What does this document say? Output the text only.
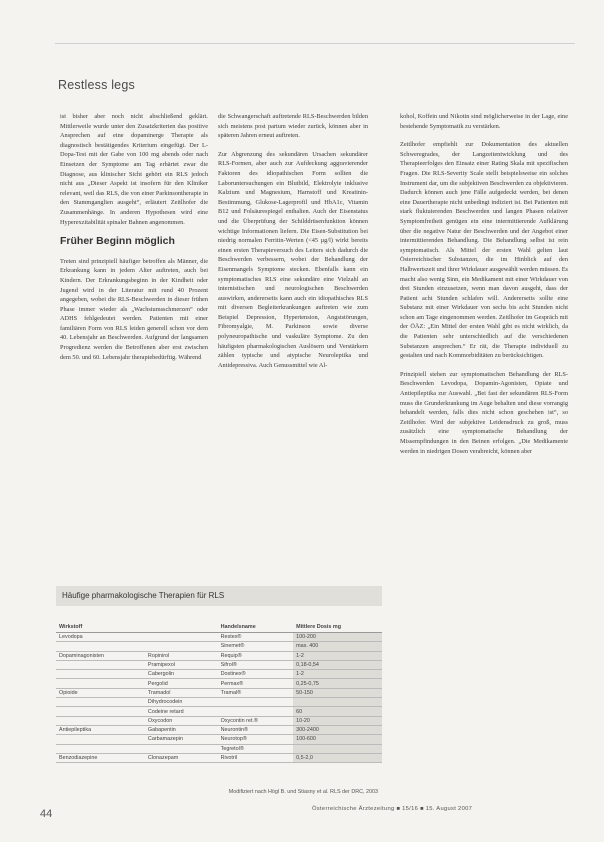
Restless legs

ist bisher aber noch nicht abschließend geklärt. Mittlerweile wurde unter den Zusatzkriterien das positive Ansprechen auf eine dopaminerge Therapie als diagnostisch bestätigendes Kriterium eingefügt. Der L-Dopa-Test mit der Gabe von 100 mg abends oder nach Einsetzen der Symptome am Tag erhärtet zwar die Diagnose, aus klinischer Sicht gehört ein RLS jedoch nicht aus „Dieser Aspekt ist insofern für den Kliniker relevant, weil das RLS, die von einer Parkinsontherapie in den Stammganglien ausgeht“, erläutert Zeitlhofer die Zusammenhänge. In anderen Hypothesen wird eine Hyperexzitabilität spinaler Bahnen angenommen.

Früher Beginn möglich

Treten sind prinzipiell häufiger betroffen als Männer, die Erkrankung kann in jedem Alter auftreten, auch bei Kindern. Der Erkrankungsbeginn in der Kindheit oder Jugend wird in der Literatur mit rund 40 Prozent angegeben, wobei die RLS-Beschwerden in dieser frühen Phase immer wieder als „Wachstumsschmerzen“ oder ADHS fehlgedeutet werden. Patienten mit einer familiären Form von RLS leiden generell schon vor dem 40. Lebensjahr an Beschwerden. Aufgrund der langsamen Progredienz werden die Betroffenen aber erst zwischen dem 50. und 60. Lebensjahr therapiebedürftig. Während

die Schwangerschaft auftretende RLS-Beschwerden bilden sich meistens post partum wieder zurück, können aber in späteren Jahren erneut auftreten.

Zur Abgrenzung des sekundären Ursachen sekundärer RLS-Formen, aber auch zur Aufdeckung aggravierender Faktoren des idiopathischen Form sollten die Laboruntersuchungen ein Blutbild, Elektrolyte inklusive Kalzium und Magnesium, Harnstoff und Kreatinin-Bestimmung, Glukose-Lagerprofil und HbA1c, Vitamin B12 und Folsäurespiegel enthalten. Auch der Eisenstatus und die Überprüfung der Schilddrüsenfunktion können wichtige Informationen liefern. Die Eisen-Substitution bei niedrig normalen Ferritin-Werten (<45 µg/l) wirkt bereits einen ersten Therapieversuch des Leiters sich dadurch die Beschwerden verbessern, wobei der Behandlung der Eisenmangels Symptome stecken. Ebenfalls kann ein symptomatisches RLS eine sekundäre eine Vielzahl an internistischen und neurologischen Beschwerden auswirken, andererseits kann auch ein idiopathisches RLS mit diversen Begleiterkrankungen auftreten wie zum Beispiel Depression, Hypertension, Angststörungen, Fibromyalgie, M. Parkinson sowie diverse polyneuropathische und vaskuläre Symptome. Zu den häufigsten pharmakologischen Auslösern und Verstärkern zählen typische und atypische Neuroleptika und Antidepressiva. Auch Genussmittel wie Al-

kohol, Koffein und Nikotin sind möglicherweise in der Lage, eine bestehende Symptomatik zu verstärken.

Zeitlhofer empfiehlt zur Dokumentation des aktuellen Schweregrades, der Langzeitentwicklung und des Therapieerfolges den Einsatz einer Rating Skala mit spezifischen Fragen. Die RLS-Severity Scale stellt beispielsweise ein solches Instrument dar, um die subjektiven Beschwerden zu objektivieren. Dadurch können auch jene Fälle aufgedeckt werden, bei denen eine Dauertherapie nicht unbedingt indiziert ist. Bei Patienten mit stark fluktuierenden Beschwerden und langen Phasen relativer Symptomfreiheit genügen ein eine intermittierende Aufklärung über die negative Natur der Beschwerden und der Angebot einer intermittierenden Behandlung. Die Behandlung selbst ist rein symptomatisch. Als Mittel der ersten Wahl gelten laut Österreichischer Substanzen, die im Hinblick auf den Halbwertszeit und ihrer Wirkdauer ausgewählt werden müssen. Es macht also wenig Sinn, ein Medikament mit einer Wirkdauer von drei Stunden einzusetzen, wenn man davon ausgeht, dass der Patient acht Stunden schlafen will. Andererseits sollte eine Substanz mit einer Wirkdauer von sechs bis acht Stunden nicht schon am Tage eingenommen werden. Zeitlhofer im Gespräch mit der ÖÄZ: „Ein Mittel der ersten Wahl gibt es nicht wirklich, da die Patienten sehr unterschiedlich auf die verschiedenen Substanzen ansprechen.“ Er rät, die Therapie individuell zu gestalten und nach Kommorbiditäten zu berücksichtigen.

Prinzipiell stehen zur symptomatischen Behandlung der RLS-Beschwerden Levodopa, Dopamin-Agonisten, Opiate und Antiepileptika zur Auswahl. „Bei fast der sekundären RLS-Form muss die Grunderkrankung im Auge behalten und diese vorrangig behandelt werden, falls dies nicht schon geschehen ist“, so Zeitlhofer. Wird der subjektive Leidensdruck zu groß, muss zusätzlich eine symptomatische Behandlung der Missempfindungen in den Beinen erfolgen. „Die Medikamente werden in niedrigen Dosen verabreicht, können aber

Häufige pharmakologische Therapien für RLS
Wirkstoff		Handelsname	Mittlere Dosis mg
Levodopa		Restex®	100-200
		Sinemet®	max. 400
Dopaminagonisten	Ropinirol	Requip®	1-2
	Pramipexol	Sifrol®	0,18-0,54
	Cabergolin	Dostinex®	1-2
	Pergolid	Permax®	0,25-0,75
Opioide	Tramadol	Tramal®	50-150
	Dihydrocodein		
	Codeine retard		60
	Oxycodon	Oxycontin ret.®	10-20
Antiepileptika	Gabapentin	Neurontin®	300-2400
	Carbamazepin	Neurotop®	100-600
		Tegretol®	
Benzodiazepine	Clonazepam	Rivotril	0,5-2,0
Modifiziert nach Högl B. und Stiasny et al. RLS der DRC, 2003
44	Österreichische Ärztezeitung ■ 15/16 ■ 15. August 2007
